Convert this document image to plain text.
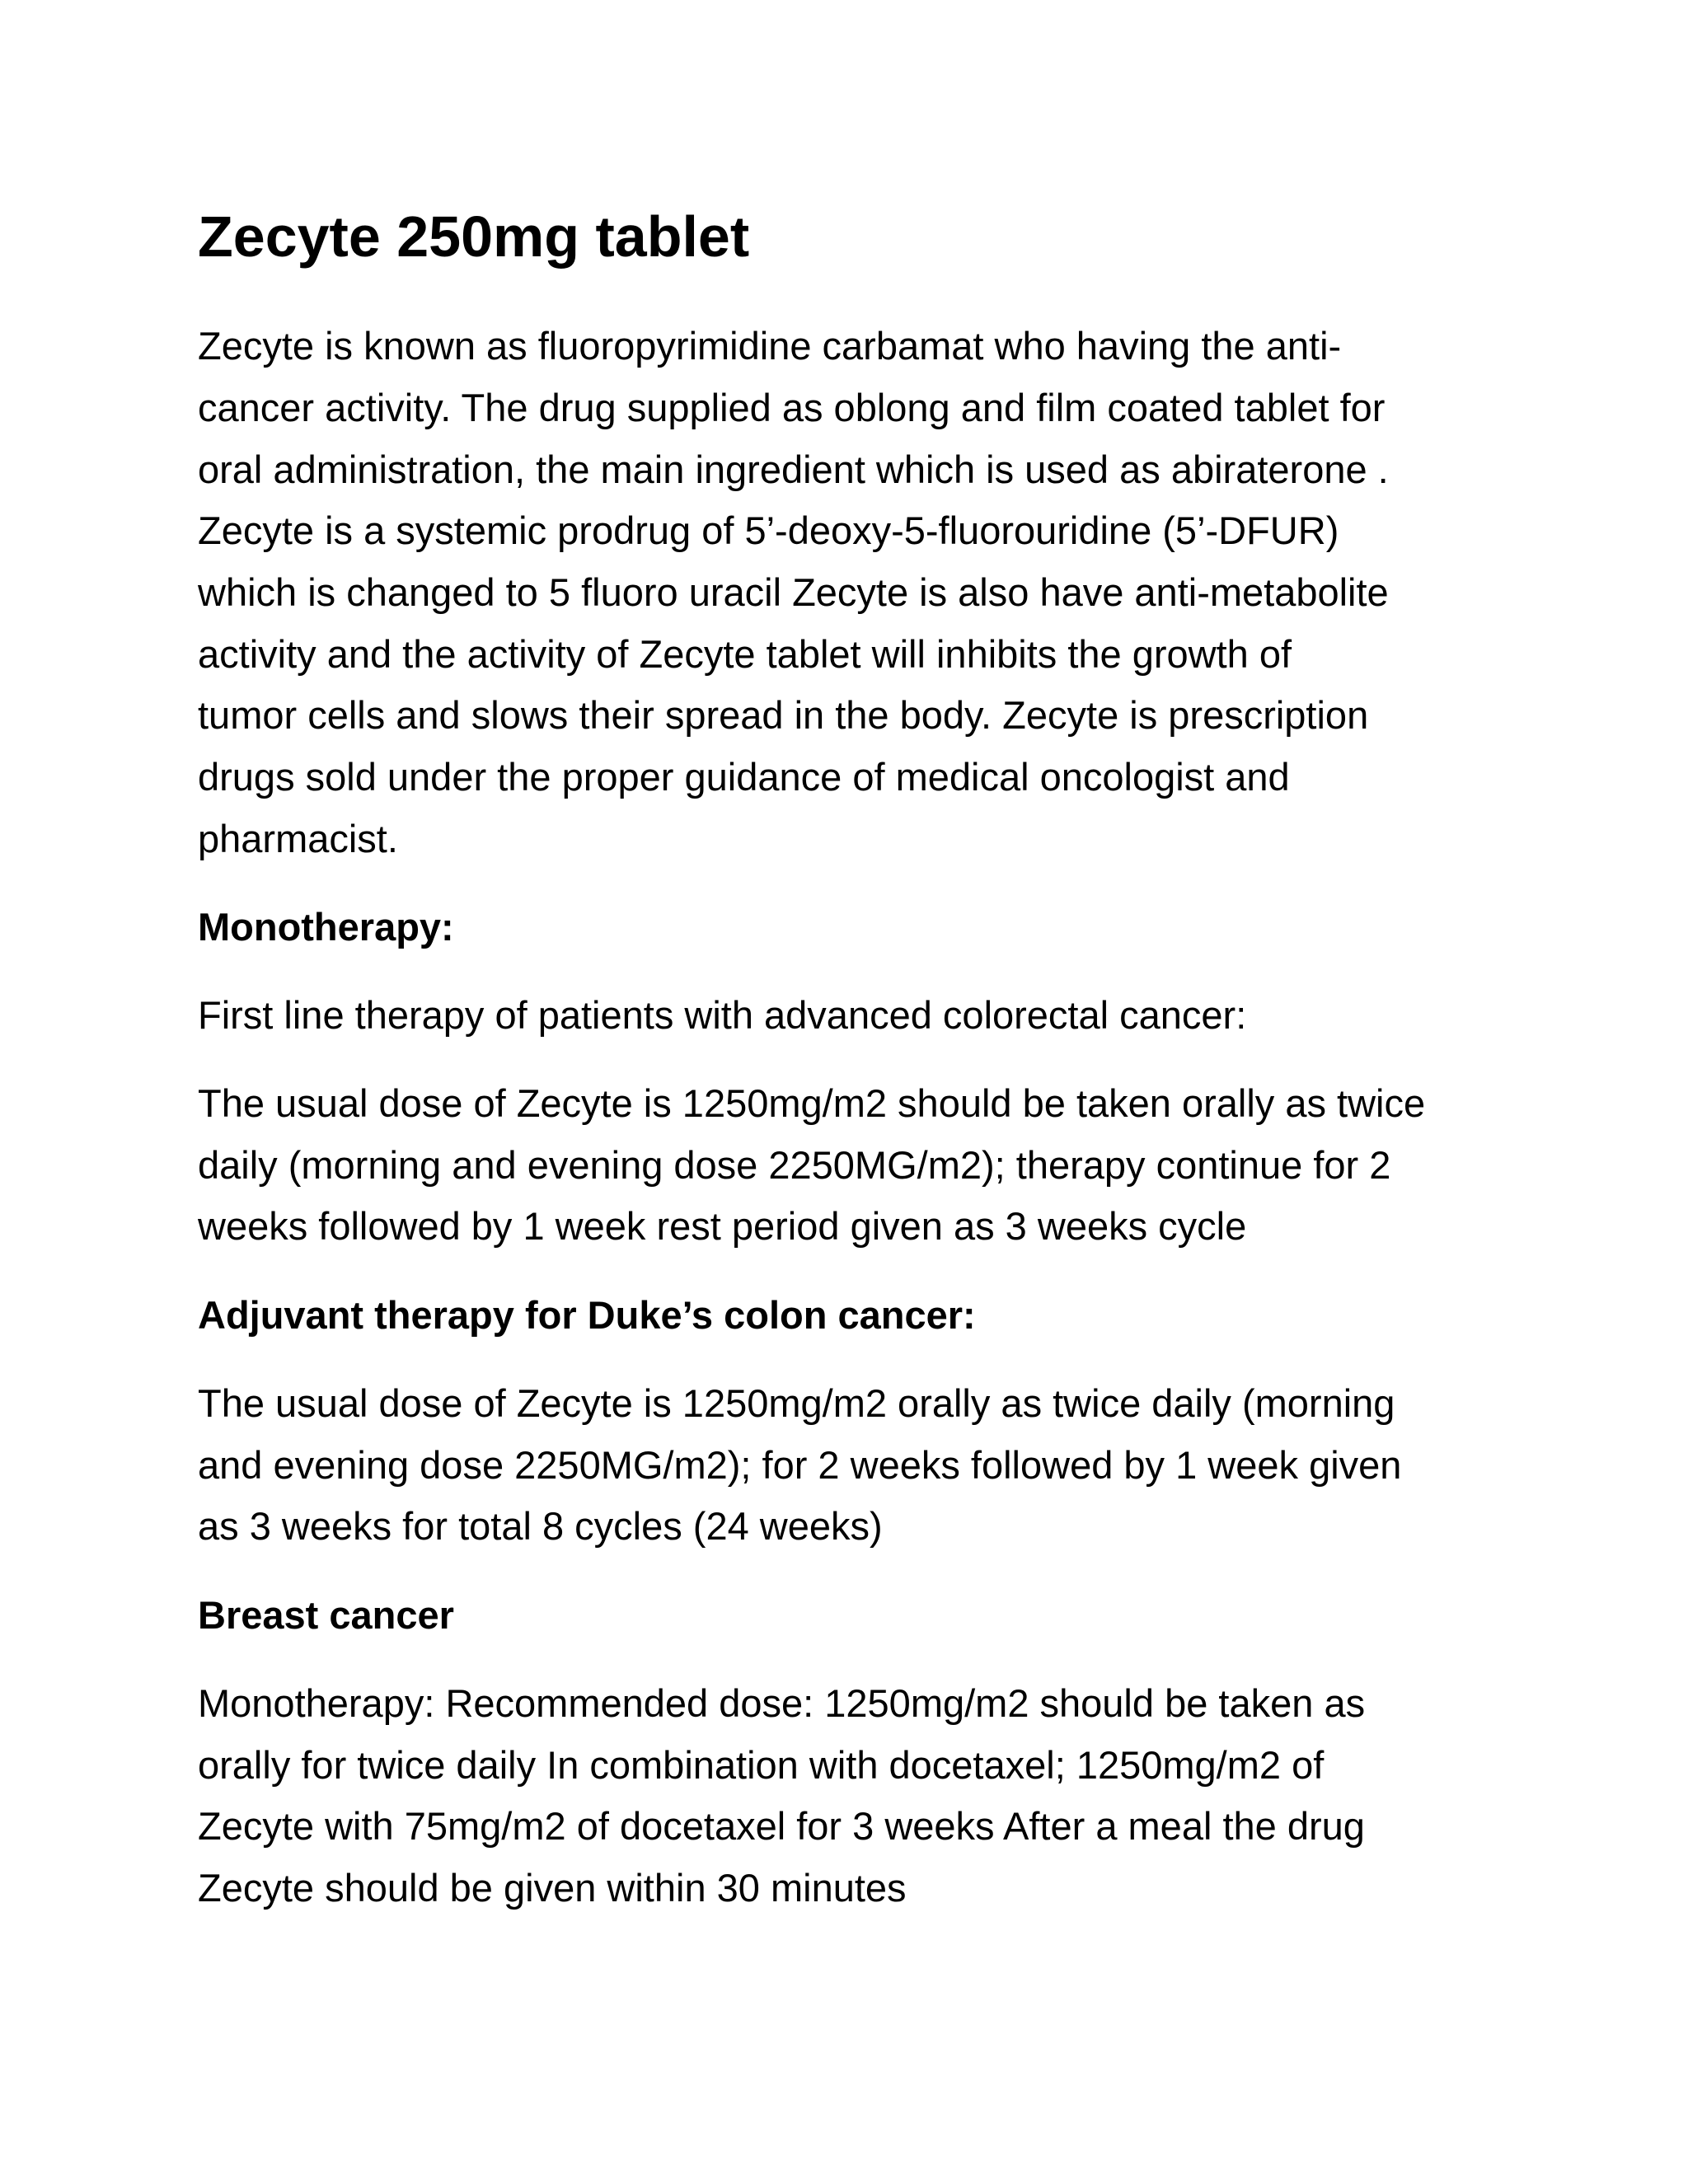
Zecyte 250mg tablet

Zecyte is known as fluoropyrimidine carbamat who having the anti-

cancer activity. The drug supplied as oblong and film coated tablet for

oral administration, the main ingredient which is used as abiraterone .

Zecyte is a systemic prodrug of 5’-deoxy-5-fluorouridine (5’-DFUR)

which is changed to 5 fluoro uracil Zecyte is also have anti-metabolite

activity and the activity of Zecyte tablet will inhibits the growth of

tumor cells and slows their spread in the body. Zecyte is prescription

drugs sold under the proper guidance of medical oncologist and

pharmacist.

Monotherapy:

First line therapy of patients with advanced colorectal cancer:

The usual dose of Zecyte is 1250mg/m2 should be taken orally as twice

daily (morning and evening dose 2250MG/m2); therapy continue for 2

weeks followed by 1 week rest period given as 3 weeks cycle

Adjuvant therapy for Duke’s colon cancer:

The usual dose of Zecyte is 1250mg/m2 orally as twice daily (morning

and evening dose 2250MG/m2); for 2 weeks followed by 1 week given

as 3 weeks for total 8 cycles (24 weeks)

Breast cancer

Monotherapy: Recommended dose: 1250mg/m2 should be taken as

orally for twice daily In combination with docetaxel; 1250mg/m2 of

Zecyte with 75mg/m2 of docetaxel for 3 weeks After a meal the drug

Zecyte should be given within 30 minutes
